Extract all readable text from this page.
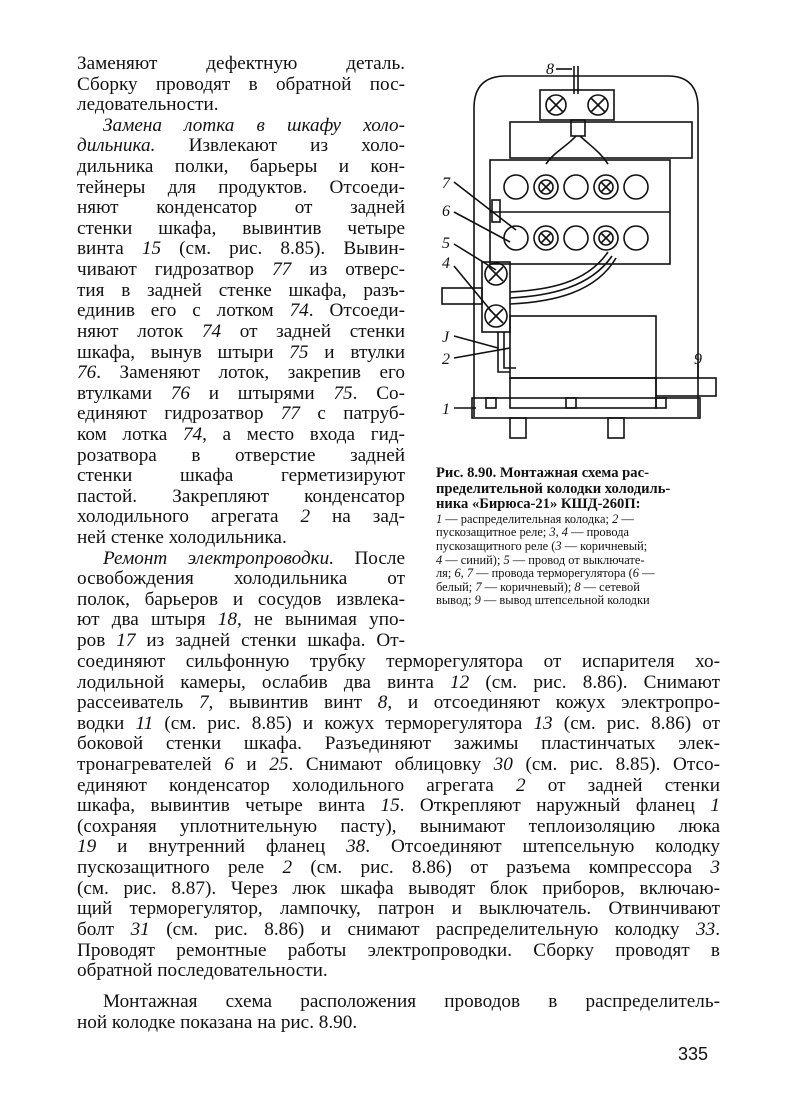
Заменяют дефектную деталь.
Сборку проводят в обратной пос-
ледовательности.
Замена лотка в шкафу холо-
дильника. Извлекают из холо-
дильника полки, барьеры и кон-
тейнеры для продуктов. Отсоеди-
няют конденсатор от задней
стенки шкафа, вывинтив четыре
винта 15 (см. рис. 8.85). Вывин-
чивают гидрозатвор 77 из отверс-
тия в задней стенке шкафа, разъ-
единив его с лотком 74. Отсоеди-
няют лоток 74 от задней стенки
шкафа, вынув штыри 75 и втулки
76. Заменяют лоток, закрепив его
втулками 76 и штырями 75. Со-
единяют гидрозатвор 77 с патруб-
ком лотка 74, а место входа гид-
розатвора в отверстие задней
стенки шкафа герметизируют
пастой. Закрепляют конденсатор
холодильного агрегата 2 на зад-
ней стенке холодильника.
Ремонт электропроводки. После
освобождения холодильника от
полок, барьеров и сосудов извлека-
ют два штыря 18, не вынимая упо-
ров 17 из задней стенки шкафа. От-
8
7
6
5
4
J
2
1
9
Рис. 8.90. Монтажная схема рас-
пределительной колодки холодиль-
ника «Бирюса-21» КШД-260П:
1 — распределительная колодка; 2 —
пускозащитное реле; 3, 4 — провода
пускозащитного реле (3 — коричневый;
4 — синий); 5 — провод от выключате-
ля; 6, 7 — провода терморегулятора (6 —
белый; 7 — коричневый); 8 — сетевой
вывод; 9 — вывод штепсельной колодки
соединяют сильфонную трубку терморегулятора от испарителя хо-
лодильной камеры, ослабив два винта 12 (см. рис. 8.86). Снимают
рассеиватель 7, вывинтив винт 8, и отсоединяют кожух электропро-
водки 11 (см. рис. 8.85) и кожух терморегулятора 13 (см. рис. 8.86) от
боковой стенки шкафа. Разъединяют зажимы пластинчатых элек-
тронагревателей 6 и 25. Снимают облицовку 30 (см. рис. 8.85). Отсо-
единяют конденсатор холодильного агрегата 2 от задней стенки
шкафа, вывинтив четыре винта 15. Открепляют наружный фланец 1
(сохраняя уплотнительную пасту), вынимают теплоизоляцию люка
19 и внутренний фланец 38. Отсоединяют штепсельную колодку
пускозащитного реле 2 (см. рис. 8.86) от разъема компрессора 3
(см. рис. 8.87). Через люк шкафа выводят блок приборов, включаю-
щий терморегулятор, лампочку, патрон и выключатель. Отвинчивают
болт 31 (см. рис. 8.86) и снимают распределительную колодку 33.
Проводят ремонтные работы электропроводки. Сборку проводят в
обратной последовательности.
Монтажная схема расположения проводов в распределитель-
ной колодке показана на рис. 8.90.
335
